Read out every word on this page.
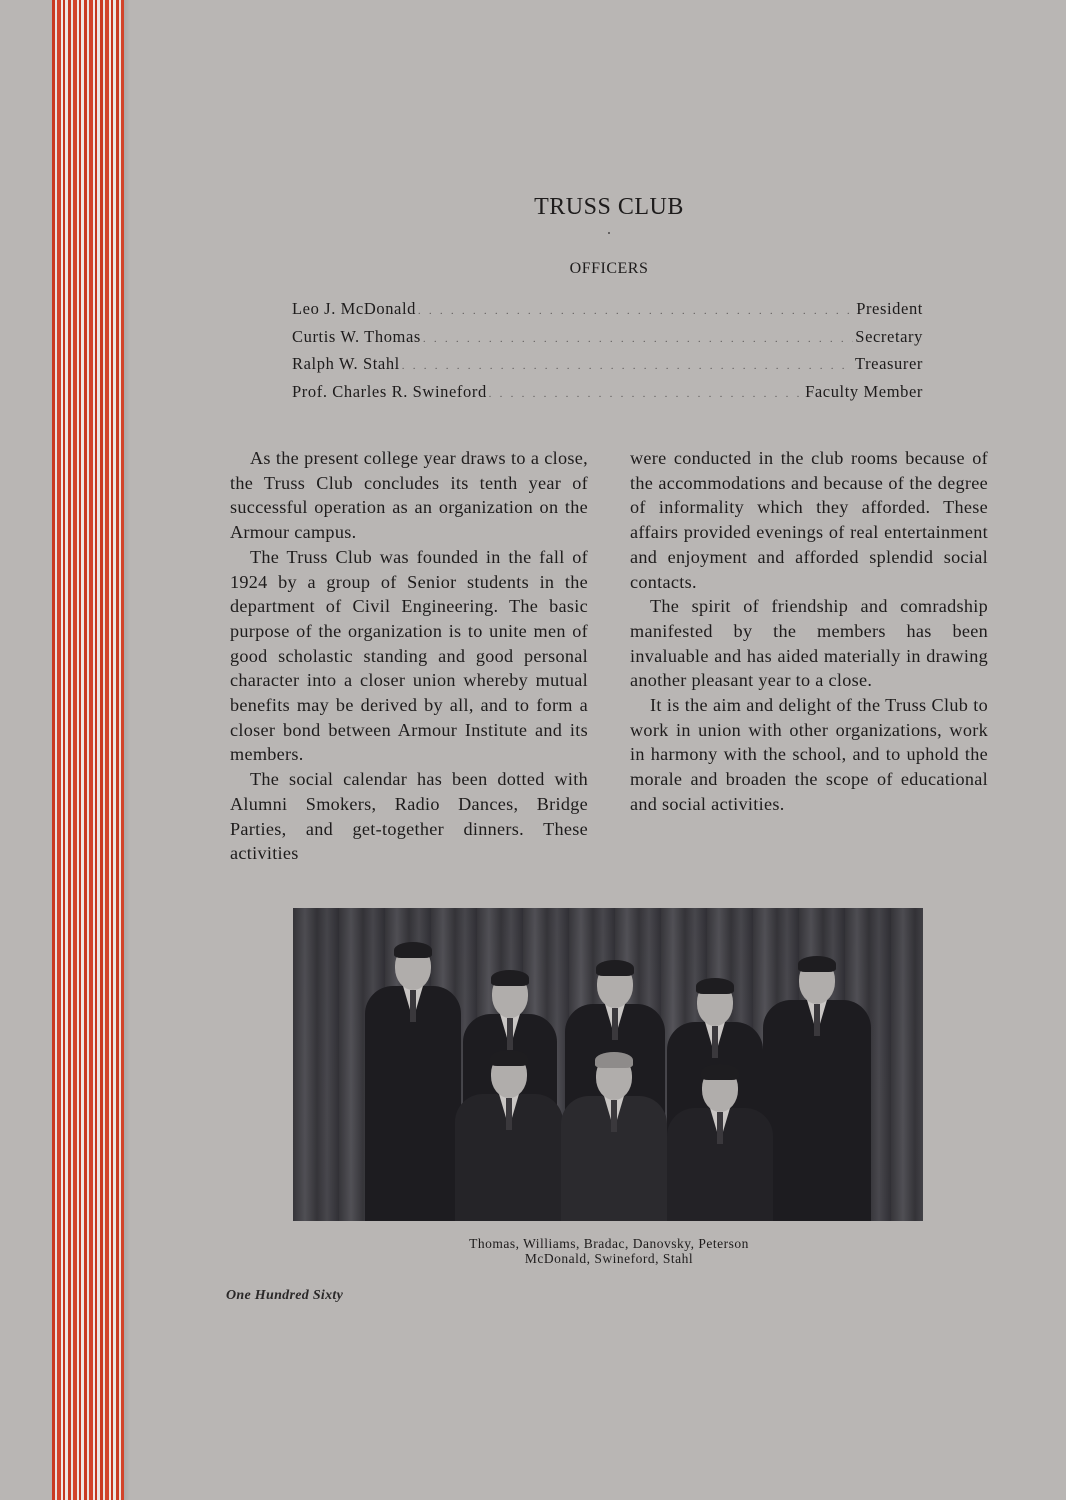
TRUSS CLUB
OFFICERS
Leo J. McDonald . . .	President
Curtis W. Thomas . . .	Secretary
Ralph W. Stahl . . .	Treasurer
Prof. Charles R. Swineford . . .	Faculty Member

As the present college year draws to a close, the Truss Club concludes its tenth year of successful operation as an organization on the Armour campus.

The Truss Club was founded in the fall of 1924 by a group of Senior students in the department of Civil Engineering. The basic purpose of the organization is to unite men of good scholastic standing and good personal character into a closer union whereby mutual benefits may be derived by all, and to form a closer bond between Armour Institute and its members.

The social calendar has been dotted with Alumni Smokers, Radio Dances, Bridge Parties, and get-together dinners. These activities

were conducted in the club rooms because of the accommodations and because of the degree of informality which they afforded. These affairs provided evenings of real entertainment and enjoyment and afforded splendid social contacts.

The spirit of friendship and comradship manifested by the members has been invaluable and has aided materially in drawing another pleasant year to a close.

It is the aim and delight of the Truss Club to work in union with other organizations, work in harmony with the school, and to uphold the morale and broaden the scope of educational and social activities.

Thomas, Williams, Bradac, Danovsky, Peterson
McDonald, Swineford, Stahl
One Hundred Sixty
